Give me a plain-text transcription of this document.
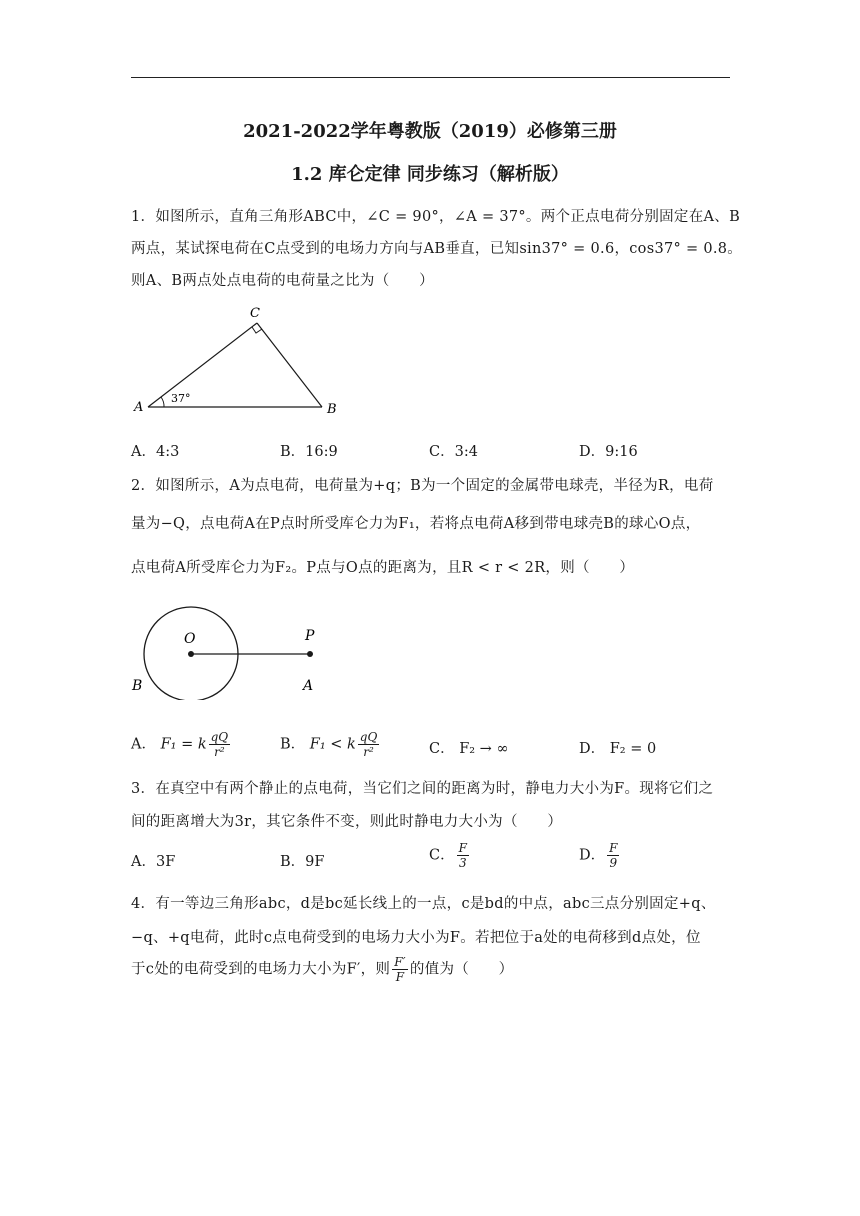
2021-2022学年粤教版（2019）必修第三册
1.2 库仑定律 同步练习（解析版）
1．如图所示，直角三角形ABC中，∠C = 90°，∠A = 37°。两个正点电荷分别固定在A、B
两点，某试探电荷在C点受到的电场力方向与AB垂直，已知sin37° = 0.6，cos37° = 0.8。
则A、B两点处点电荷的电荷量之比为（　　）
A	B
C
37°
A．4:3	B．16:9	C．3:4	D．9:16
2．如图所示，A为点电荷，电荷量为+q；B为一个固定的金属带电球壳，半径为R，电荷
量为−Q，点电荷A在P点时所受库仑力为F₁，若将点电荷A移到带电球壳B的球心O点，
点电荷A所受库仑力为F₂。P点与O点的距离为，且R < r < 2R，则（　　）
O	P
B	A
A． F₁ = k $\frac{qQ}{\text{r²}}$	B． F₁ < k $\frac{qQ}{\text{r²}}$	C． F₂ → ∞	D． F₂ = 0
3．在真空中有两个静止的点电荷，当它们之间的距离为时，静电力大小为F。现将它们之
间的距离增大为3r，其它条件不变，则此时静电力大小为（　　）
A．3F	B．9F	C． $\frac{F}{3}$	D． $\frac{F}{9}$
4．有一等边三角形abc，d是bc延长线上的一点，c是bd的中点，abc三点分别固定+q、
−q、+q电荷，此时c点电荷受到的电场力大小为F。若把位于a处的电荷移到d点处，位
于c处的电荷受到的电场力大小为F′，则 $\frac{F'}{F}$ 的值为（　　）
